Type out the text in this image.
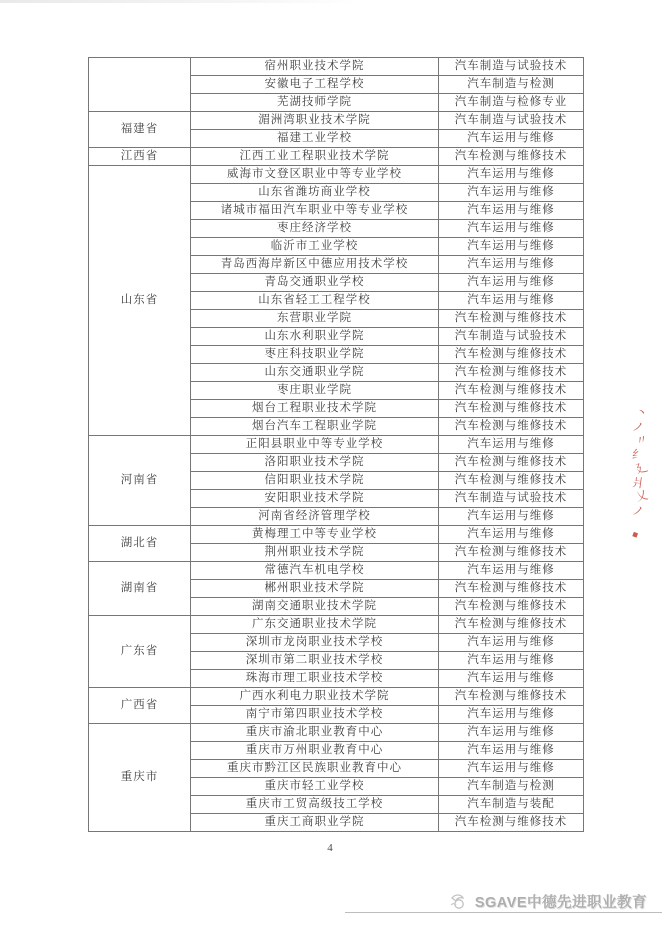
	宿州职业技术学院	汽车制造与试验技术
	安徽电子工程学校	汽车制造与检测
	芜湖技师学院	汽车制造与检修专业
福建省	湄洲湾职业技术学院	汽车制造与试验技术
	福建工业学校	汽车运用与维修
江西省	江西工业工程职业技术学院	汽车检测与维修技术
山东省	威海市文登区职业中等专业学校	汽车运用与维修
	山东省潍坊商业学校	汽车运用与维修
	诸城市福田汽车职业中等专业学校	汽车运用与维修
	枣庄经济学校	汽车运用与维修
	临沂市工业学校	汽车运用与维修
	青岛西海岸新区中德应用技术学校	汽车运用与维修
	青岛交通职业学校	汽车运用与维修
	山东省轻工工程学校	汽车运用与维修
	东营职业学院	汽车检测与维修技术
	山东水利职业学院	汽车制造与试验技术
	枣庄科技职业学院	汽车检测与维修技术
	山东交通职业学院	汽车检测与维修技术
	枣庄职业学院	汽车检测与维修技术
	烟台工程职业技术学院	汽车检测与维修技术
	烟台汽车工程职业学院	汽车检测与维修技术
河南省	正阳县职业中等专业学校	汽车运用与维修
	洛阳职业技术学院	汽车检测与维修技术
	信阳职业技术学院	汽车检测与维修技术
	安阳职业技术学院	汽车制造与试验技术
	河南省经济管理学校	汽车运用与维修
湖北省	黄梅理工中等专业学校	汽车运用与维修
	荆州职业技术学院	汽车检测与维修技术
湖南省	常德汽车机电学校	汽车运用与维修
	郴州职业技术学院	汽车检测与维修技术
	湖南交通职业技术学院	汽车检测与维修技术
广东省	广东交通职业技术学院	汽车检测与维修技术
	深圳市龙岗职业技术学校	汽车运用与维修
	深圳市第二职业技术学校	汽车运用与维修
	珠海市理工职业技术学校	汽车运用与维修
广西省	广西水利电力职业技术学院	汽车检测与维修技术
	南宁市第四职业技术学校	汽车运用与维修
重庆市	重庆市渝北职业教育中心	汽车运用与维修
	重庆市万州职业教育中心	汽车运用与维修
	重庆市黔江区民族职业教育中心	汽车运用与维修
	重庆市轻工业学校	汽车制造与检测
	重庆市工贸高级技工学校	汽车制造与装配
	重庆工商职业学院	汽车检测与维修技术
4
ヽ
ノ
〃
纟
廴
爿
乂
ノ
▪
SGAVE中德先进职业教育
